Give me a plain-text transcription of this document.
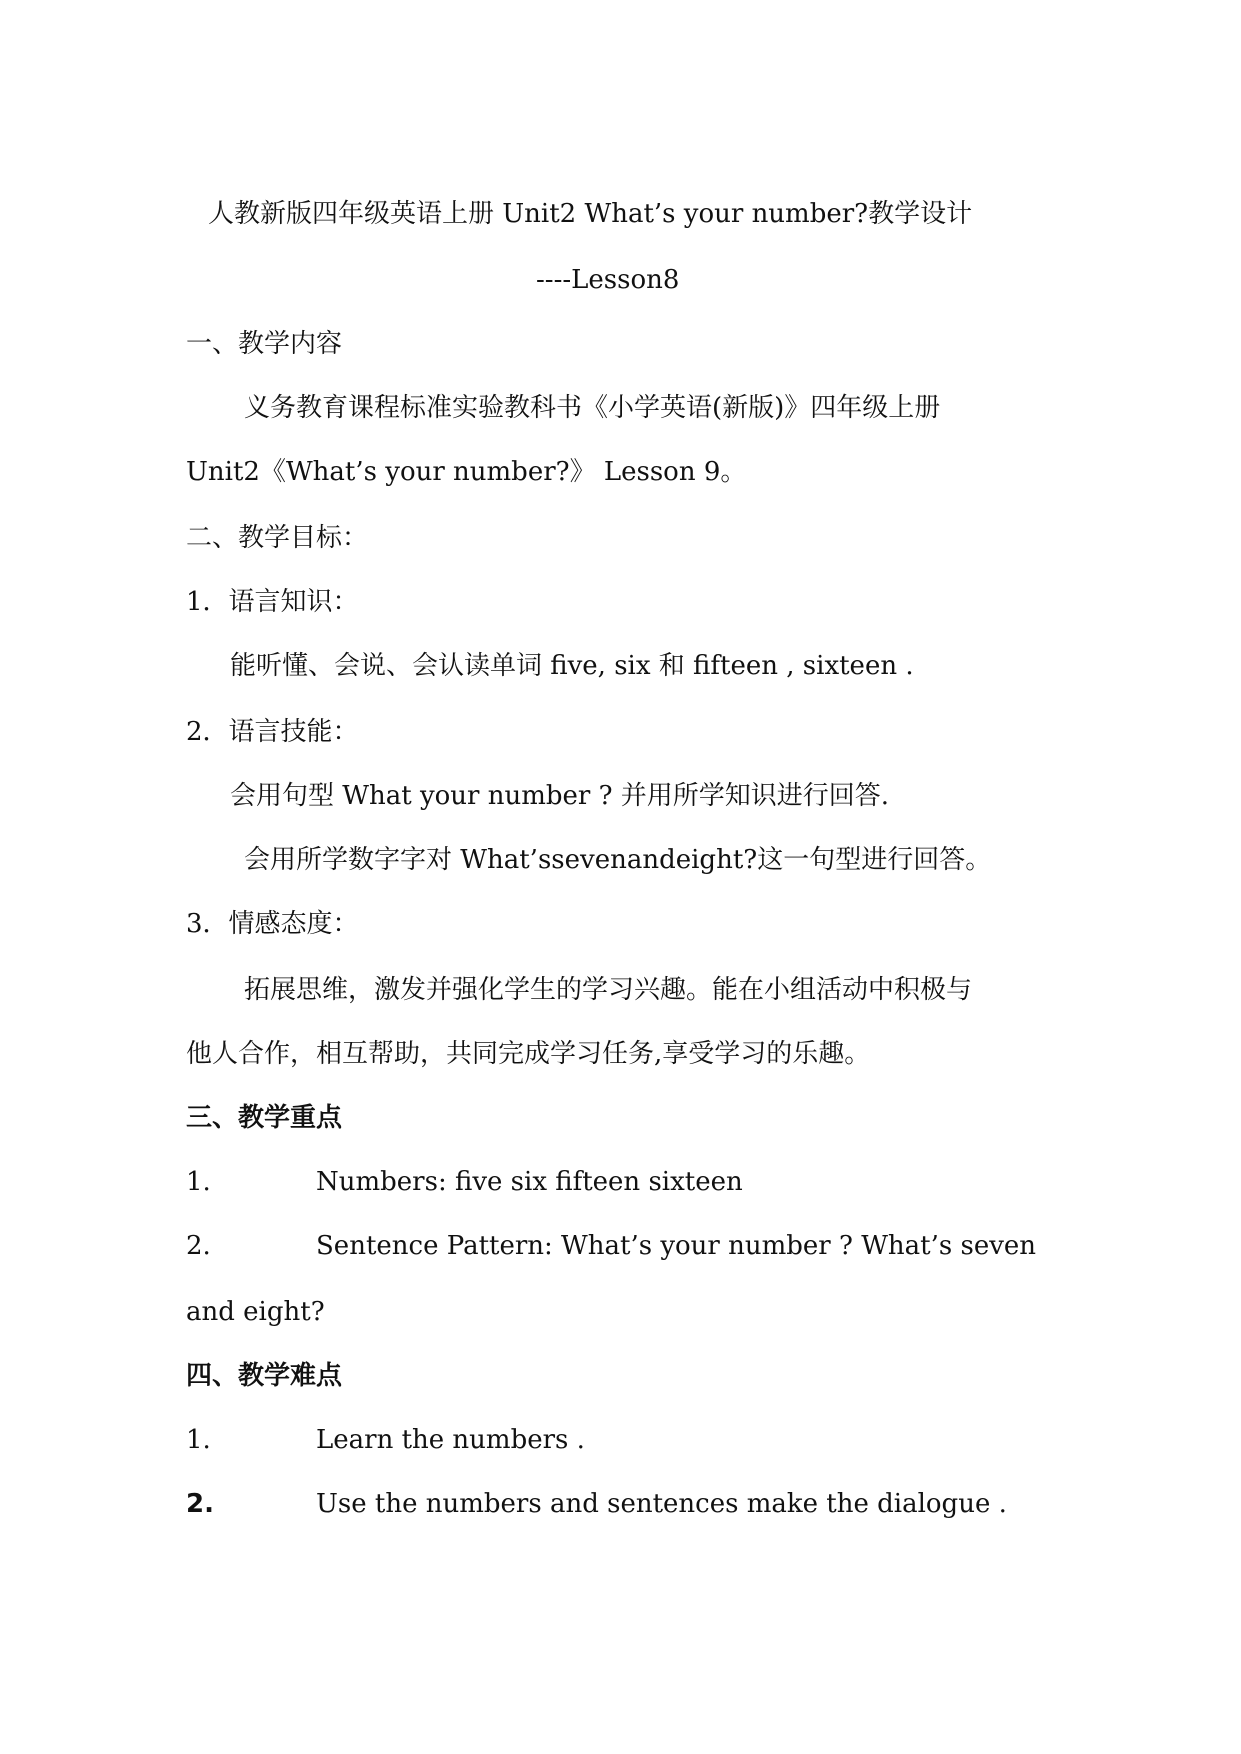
人教新版四年级英语上册 Unit2 What’s your number?教学设计
----Lesson8
一、教学内容
义务教育课程标准实验教科书《小学英语(新版)》四年级上册
Unit2《What’s your number?》 Lesson 9。
二、教学目标：
1．语言知识：
能听懂、会说、会认读单词 five, six 和 fifteen , sixteen .
2．语言技能：
会用句型 What your number ? 并用所学知识进行回答.
会用所学数字字对 What’ssevenandeight?这一句型进行回答。
3．情感态度：
拓展思维，激发并强化学生的学习兴趣。能在小组活动中积极与
他人合作，相互帮助，共同完成学习任务,享受学习的乐趣。
三、教学重点
1.	Numbers: five six fifteen sixteen
2.	Sentence Pattern: What’s your number ? What’s seven
and eight?
四、教学难点
1.	Learn the numbers .
2.	Use the numbers and sentences make the dialogue .
